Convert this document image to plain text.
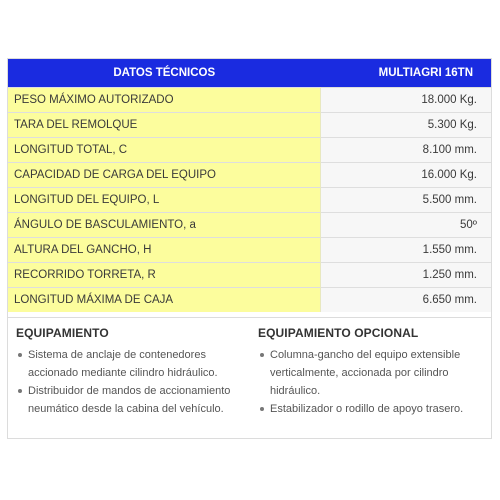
DATOS TÉCNICOS	MULTIAGRI 16TN
PESO MÁXIMO AUTORIZADO	18.000 Kg.
TARA DEL REMOLQUE	5.300 Kg.
LONGITUD TOTAL, C	8.100 mm.
CAPACIDAD DE CARGA DEL EQUIPO	16.000 Kg.
LONGITUD DEL EQUIPO, L	5.500 mm.
ÁNGULO DE BASCULAMIENTO, a	50º
ALTURA DEL GANCHO, H	1.550 mm.
RECORRIDO TORRETA, R	1.250 mm.
LONGITUD MÁXIMA DE CAJA	6.650 mm.
EQUIPAMIENTO
Sistema de anclaje de contenedores accionado mediante cilindro hidráulico.
Distribuidor de mandos de accionamiento neumático desde la cabina del vehículo.
EQUIPAMIENTO OPCIONAL
Columna-gancho del equipo extensible verticalmente, accionada por cilindro hidráulico.
Estabilizador o rodillo de apoyo trasero.
